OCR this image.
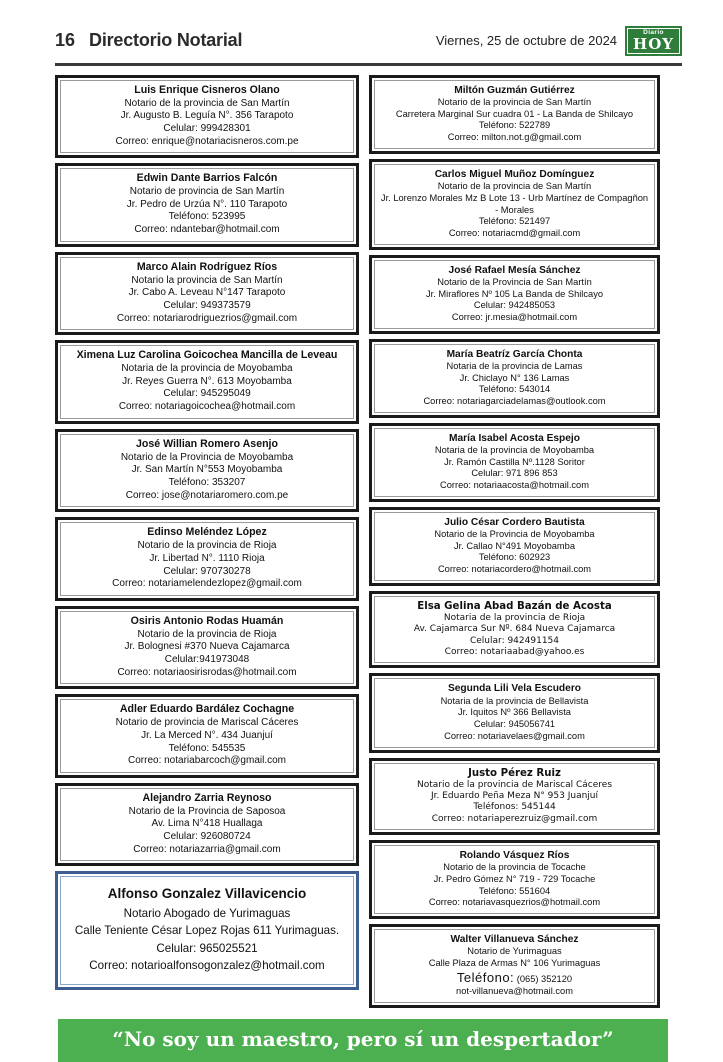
16 Directorio Notarial	Viernes, 25 de octubre de 2024
Diario
HOY
Luis Enrique Cisneros Olano
Notario de la provincia de San Martín
Jr. Augusto B. Leguía N°. 356 Tarapoto
Celular: 999428301
Correo: enrique@notariacisneros.com.pe
Edwin Dante Barrios Falcón
Notario de provincia de San Martín
Jr. Pedro de Urzúa N°. 110 Tarapoto
Teléfono: 523995
Correo: ndantebar@hotmail.com
Marco Alain Rodríguez Ríos
Notario la provincia de San Martín
Jr. Cabo A. Leveau N°147 Tarapoto
Celular: 949373579
Correo: notariarodriguezrios@gmail.com
Ximena Luz Carolina Goicochea Mancilla de Leveau
Notaria de la provincia de Moyobamba
Jr. Reyes Guerra N°. 613 Moyobamba
Celular: 945295049
Correo: notariagoicochea@hotmail.com
José Willian Romero Asenjo
Notario de la Provincia de Moyobamba
Jr. San Martín N°553 Moyobamba
Teléfono: 353207
Correo: jose@notariaromero.com.pe
Edinso Meléndez López
Notario de la provincia de Rioja
Jr. Libertad N°. 1110 Rioja
Celular: 970730278
Correo: notariamelendezlopez@gmail.com
Osiris Antonio Rodas Huamán
Notario de la provincia de Rioja
Jr. Bolognesi #370 Nueva Cajamarca
Celular:941973048
Correo: notariaosirisrodas@hotmail.com
Adler Eduardo Bardález Cochagne
Notario de provincia de Mariscal Cáceres
Jr. La Merced N°. 434 Juanjuí
Teléfono: 545535
Correo: notariabarcoch@gmail.com
Alejandro Zarria Reynoso
Notario de la Provincia de Saposoa
Av. Lima N°418 Huallaga
Celular: 926080724
Correo: notariazarria@gmail.com
Alfonso Gonzalez Villavicencio
Notario Abogado de Yurimaguas
Calle Teniente César Lopez Rojas 611 Yurimaguas.
Celular: 965025521
Correo: notarioalfonsogonzalez@hotmail.com
Miltón Guzmán Gutiérrez
Notario de la provincia de San Martín
Carretera Marginal Sur cuadra 01 - La Banda de Shilcayo
Teléfono: 522789
Correo: milton.not.g@gmail.com
Carlos Miguel Muñoz Domínguez
Notario de la provincia de San Martín
Jr. Lorenzo Morales Mz B Lote 13 - Urb Martínez de Compagñon - Morales
Teléfono: 521497
Correo: notariacmd@gmail.com
José Rafael Mesía Sánchez
Notario de la Provincia de San Martín
Jr. Miraflores Nº 105 La Banda de Shilcayo
Celular: 942485053
Correo: jr.mesia@hotmail.com
María Beatríz García Chonta
Notaria de la provincia de Lamas
Jr. Chiclayo N° 136 Lamas
Teléfono: 543014
Correo: notariagarciadelamas@outlook.com
María Isabel Acosta Espejo
Notaria de la provincia de Moyobamba
Jr. Ramón Castilla Nº.1128 Soritor
Celular: 971 896 853
Correo: notariaacosta@hotmail.com
Julio César Cordero Bautista
Notario de la Provincia de Moyobamba
Jr. Callao N°491 Moyobamba
Teléfono: 602923
Correo: notariacordero@hotmail.com
Elsa Gelina Abad Bazán de Acosta
Notaria de la provincia de Rioja
Av. Cajamarca Sur Nº. 684 Nueva Cajamarca
Celular: 942491154
Correo: notariaabad@yahoo.es
Segunda Lili Vela Escudero
Notaria de la provincia de Bellavista
Jr. Iquitos Nº 366 Bellavista
Celular: 945056741
Correo: notariavelaes@gmail.com
Justo Pérez Ruiz
Notario de la provincia de Mariscal Cáceres
Jr. Eduardo Peña Meza N° 953 Juanjuí
Teléfonos: 545144
Correo: notariaperezruiz@gmail.com
Rolando Vásquez Ríos
Notario de la provincia de Tocache
Jr. Pedro Gómez N° 719 - 729 Tocache
Teléfono: 551604
Correo: notariavasquezrios@hotmail.com
Walter Villanueva Sánchez
Notario de Yurimaguas
Calle Plaza de Armas N° 106 Yurimaguas
Teléfono: (065) 352120
not-villanueva@hotmail.com
“No soy un maestro, pero sí un despertador”
